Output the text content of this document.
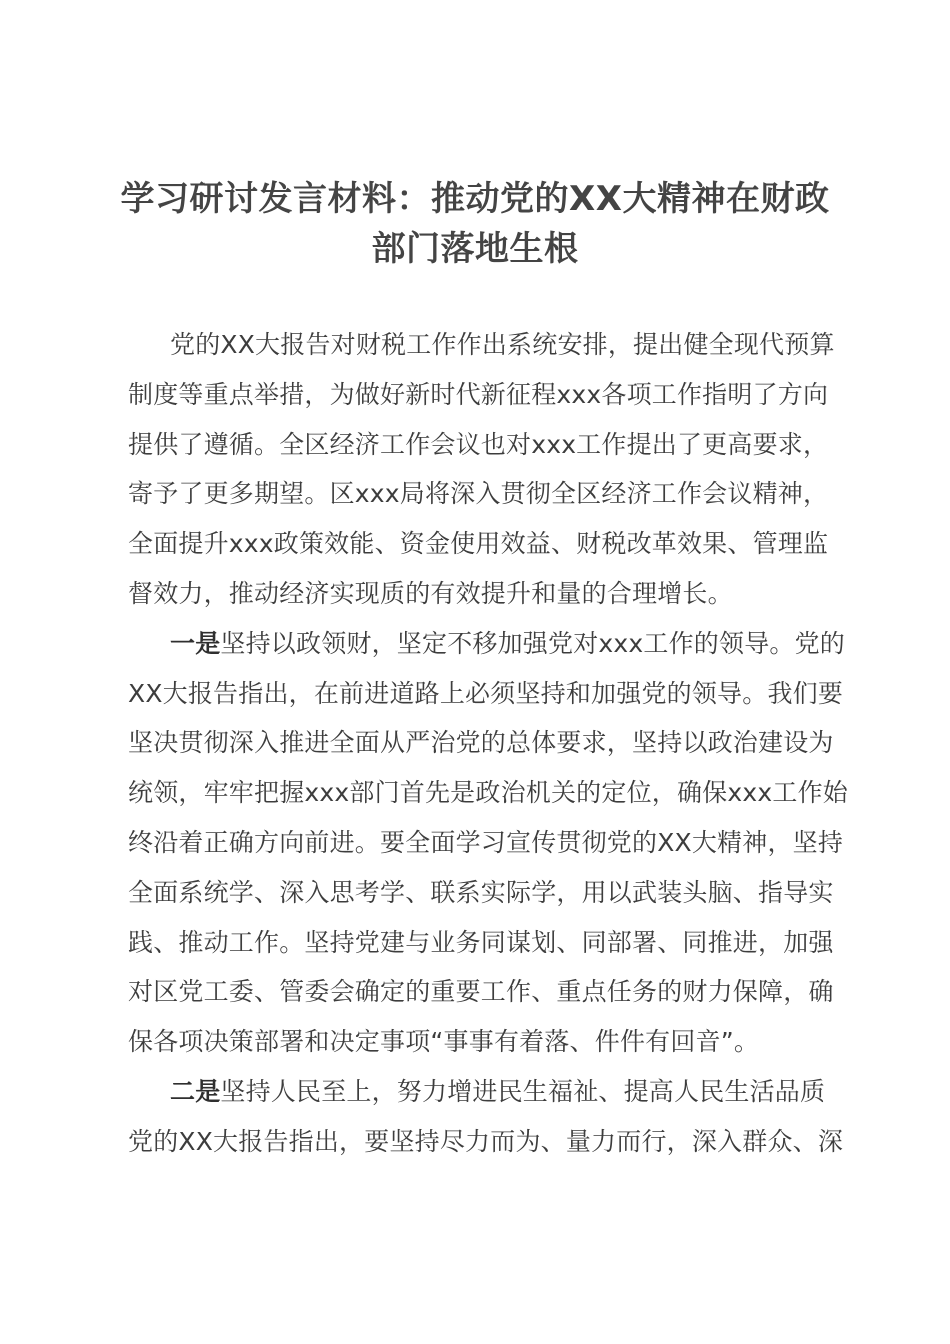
学习研讨发言材料：推动党的XX大精神在财政
部门落地生根
党的XX大报告对财税工作作出系统安排，提出健全现代预算
制度等重点举措，为做好新时代新征程xxx各项工作指明了方向
提供了遵循。全区经济工作会议也对xxx工作提出了更高要求，
寄予了更多期望。区xxx局将深入贯彻全区经济工作会议精神，
全面提升xxx政策效能、资金使用效益、财税改革效果、管理监
督效力，推动经济实现质的有效提升和量的合理增长。
一是坚持以政领财，坚定不移加强党对xxx工作的领导。党的
XX大报告指出，在前进道路上必须坚持和加强党的领导。我们要
坚决贯彻深入推进全面从严治党的总体要求，坚持以政治建设为
统领，牢牢把握xxx部门首先是政治机关的定位，确保xxx工作始
终沿着正确方向前进。要全面学习宣传贯彻党的XX大精神，坚持
全面系统学、深入思考学、联系实际学，用以武装头脑、指导实
践、推动工作。坚持党建与业务同谋划、同部署、同推进，加强
对区党工委、管委会确定的重要工作、重点任务的财力保障，确
保各项决策部署和决定事项“事事有着落、件件有回音”。
二是坚持人民至上，努力增进民生福祉、提高人民生活品质
党的XX大报告指出，要坚持尽力而为、量力而行，深入群众、深
